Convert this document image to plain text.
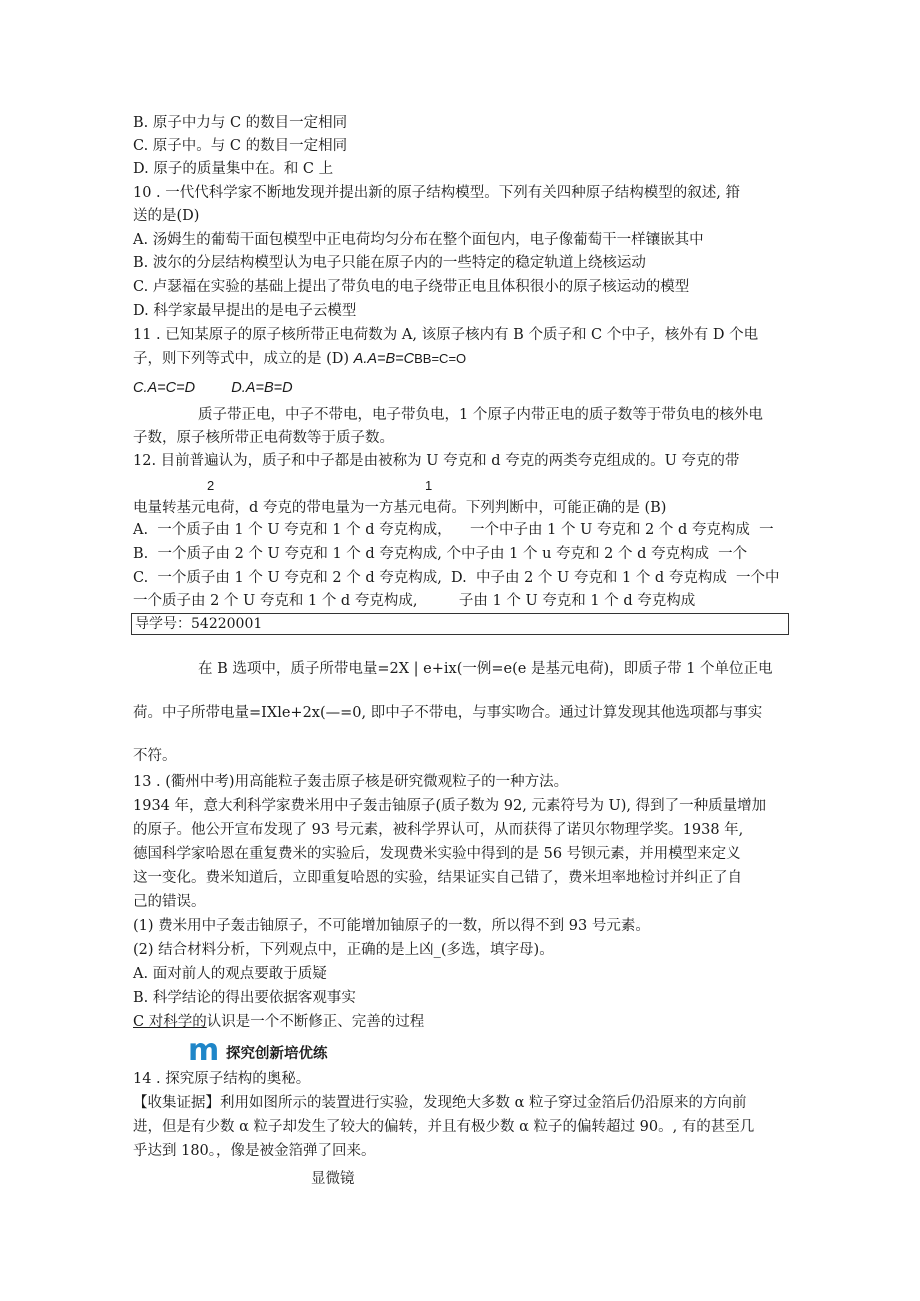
B. 原子中力与 C 的数目一定相同
C. 原子中。与 C 的数目一定相同
D. 原子的质量集中在。和 C 上
10 . 一代代科学家不断地发现并提出新的原子结构模型。下列有关四种原子结构模型的叙述, 箝
送的是(D)
A. 汤姆生的葡萄干面包模型中正电荷均匀分布在整个面包内，电子像葡萄干一样镶嵌其中
B. 波尔的分层结构模型认为电子只能在原子内的一些特定的稳定轨道上绕核运动
C. 卢瑟福在实验的基础上提出了带负电的电子绕带正电且体积很小的原子核运动的模型
D. 科学家最早提出的是电子云模型
11 . 已知某原子的原子核所带正电荷数为 A, 该原子核内有 B 个质子和 C 个中子，核外有 D 个电
子，则下列等式中，成立的是 (D) A.A=B=CBB=C=O
C.A=C=D         D.A=B=D
质子带正电，中子不带电，电子带负电，1 个原子内带正电的质子数等于带负电的核外电
子数，原子核所带正电荷数等于质子数。
12. 目前普遍认为，质子和中子都是由被称为 U 夸克和 d 夸克的两类夸克组成的。U 夸克的带
2	1
电量转基元电荷，d 夸克的带电量为一方基元电荷。下列判断中，可能正确的是 (B)
A.  一个质子由 1 个 U 夸克和 1 个 d 夸克构成，    一个中子由 1 个 U 夸克和 2 个 d 夸克构成  一
B.  一个质子由 2 个 U 夸克和 1 个 d 夸克构成, 个中子由 1 个 u 夸克和 2 个 d 夸克构成  一个
C.  一个质子由 1 个 U 夸克和 2 个 d 夸克构成,  D.  中子由 2 个 U 夸克和 1 个 d 夸克构成  一个中
一个质子由 2 个 U 夸克和 1 个 d 夸克构成,         子由 1 个 U 夸克和 1 个 d 夸克构成
导学号：54220001
在 B 选项中，质子所带电量=2X | e+ix(一例=e(e 是基元电荷)，即质子带 1 个单位正电
荷。中子所带电量=IXle+2x(—=0, 即中子不带电，与事实吻合。通过计算发现其他选项都与事实
不符。
13 . (衢州中考)用高能粒子轰击原子核是研究微观粒子的一种方法。
1934 年，意大利科学家费米用中子轰击铀原子(质子数为 92, 元素符号为 U), 得到了一种质量增加
的原子。他公开宣布发现了 93 号元素，被科学界认可，从而获得了诺贝尔物理学奖。1938 年,
德国科学家哈恩在重复费米的实验后，发现费米实验中得到的是 56 号钡元素，并用模型来定义
这一变化。费米知道后，立即重复哈恩的实验，结果证实自己错了，费米坦率地检讨并纠正了自
己的错误。
(1) 费米用中子轰击铀原子，不可能增加铀原子的一数，所以得不到 93 号元素。
(2) 结合材料分析，下列观点中，正确的是上凶_(多选，填字母)。
A. 面对前人的观点要敢于质疑
B. 科学结论的得出要依据客观事实
C 对科学的认识是一个不断修正、完善的过程
m 探究创新培优练
14 . 探究原子结构的奥秘。
【收集证据】利用如图所示的装置进行实验，发现绝大多数 α 粒子穿过金箔后仍沿原来的方向前
进，但是有少数 α 粒子却发生了较大的偏转，并且有极少数 α 粒子的偏转超过 90。, 有的甚至几
乎达到 180。，像是被金箔弹了回来。
显微镜
